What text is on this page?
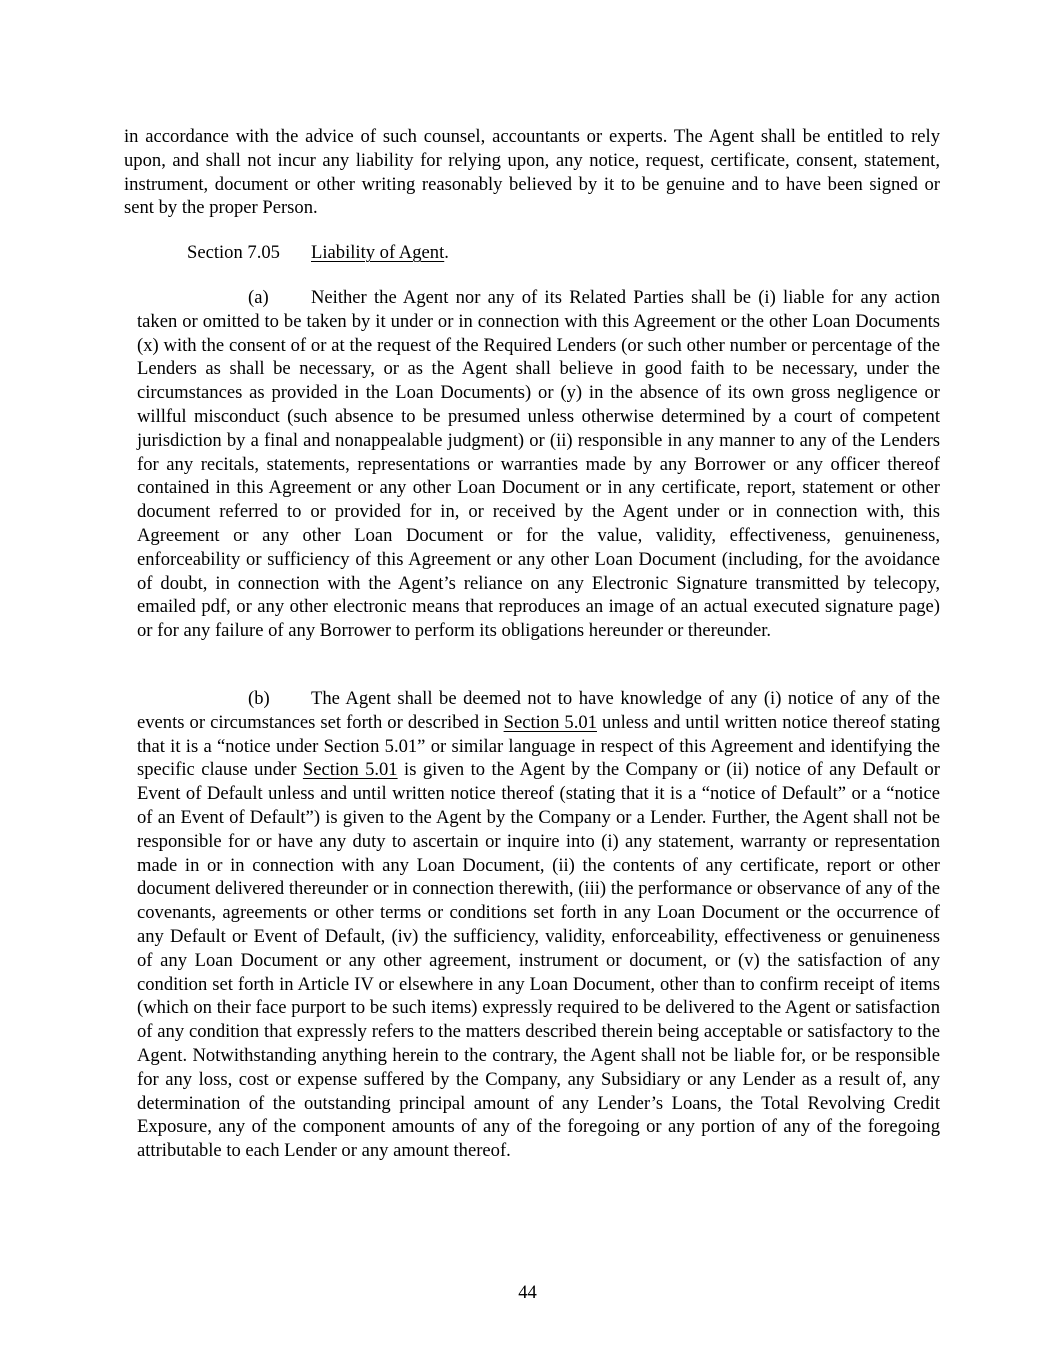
in accordance with the advice of such counsel, accountants or experts. The Agent shall be entitled to rely upon, and shall not incur any liability for relying upon, any notice, request, certificate, consent, statement, instrument, document or other writing reasonably believed by it to be genuine and to have been signed or sent by the proper Person.

Section 7.05 Liability of Agent.

(a) Neither the Agent nor any of its Related Parties shall be (i) liable for any action taken or omitted to be taken by it under or in connection with this Agreement or the other Loan Documents (x) with the consent of or at the request of the Required Lenders (or such other number or percentage of the Lenders as shall be necessary, or as the Agent shall believe in good faith to be necessary, under the circumstances as provided in the Loan Documents) or (y) in the absence of its own gross negligence or willful misconduct (such absence to be presumed unless otherwise determined by a court of competent jurisdiction by a final and nonappealable judgment) or (ii) responsible in any manner to any of the Lenders for any recitals, statements, representations or warranties made by any Borrower or any officer thereof contained in this Agreement or any other Loan Document or in any certificate, report, statement or other document referred to or provided for in, or received by the Agent under or in connection with, this Agreement or any other Loan Document or for the value, validity, effectiveness, genuineness, enforceability or sufficiency of this Agreement or any other Loan Document (including, for the avoidance of doubt, in connection with the Agent’s reliance on any Electronic Signature transmitted by telecopy, emailed pdf, or any other electronic means that reproduces an image of an actual executed signature page) or for any failure of any Borrower to perform its obligations hereunder or thereunder.

(b) The Agent shall be deemed not to have knowledge of any (i) notice of any of the events or circumstances set forth or described in Section 5.01 unless and until written notice thereof stating that it is a “notice under Section 5.01” or similar language in respect of this Agreement and identifying the specific clause under Section 5.01 is given to the Agent by the Company or (ii) notice of any Default or Event of Default unless and until written notice thereof (stating that it is a “notice of Default” or a “notice of an Event of Default”) is given to the Agent by the Company or a Lender. Further, the Agent shall not be responsible for or have any duty to ascertain or inquire into (i) any statement, warranty or representation made in or in connection with any Loan Document, (ii) the contents of any certificate, report or other document delivered thereunder or in connection therewith, (iii) the performance or observance of any of the covenants, agreements or other terms or conditions set forth in any Loan Document or the occurrence of any Default or Event of Default, (iv) the sufficiency, validity, enforceability, effectiveness or genuineness of any Loan Document or any other agreement, instrument or document, or (v) the satisfaction of any condition set forth in Article IV or elsewhere in any Loan Document, other than to confirm receipt of items (which on their face purport to be such items) expressly required to be delivered to the Agent or satisfaction of any condition that expressly refers to the matters described therein being acceptable or satisfactory to the Agent. Notwithstanding anything herein to the contrary, the Agent shall not be liable for, or be responsible for any loss, cost or expense suffered by the Company, any Subsidiary or any Lender as a result of, any determination of the outstanding principal amount of any Lender’s Loans, the Total Revolving Credit Exposure, any of the component amounts of any of the foregoing or any portion of any of the foregoing attributable to each Lender or any amount thereof.

44
